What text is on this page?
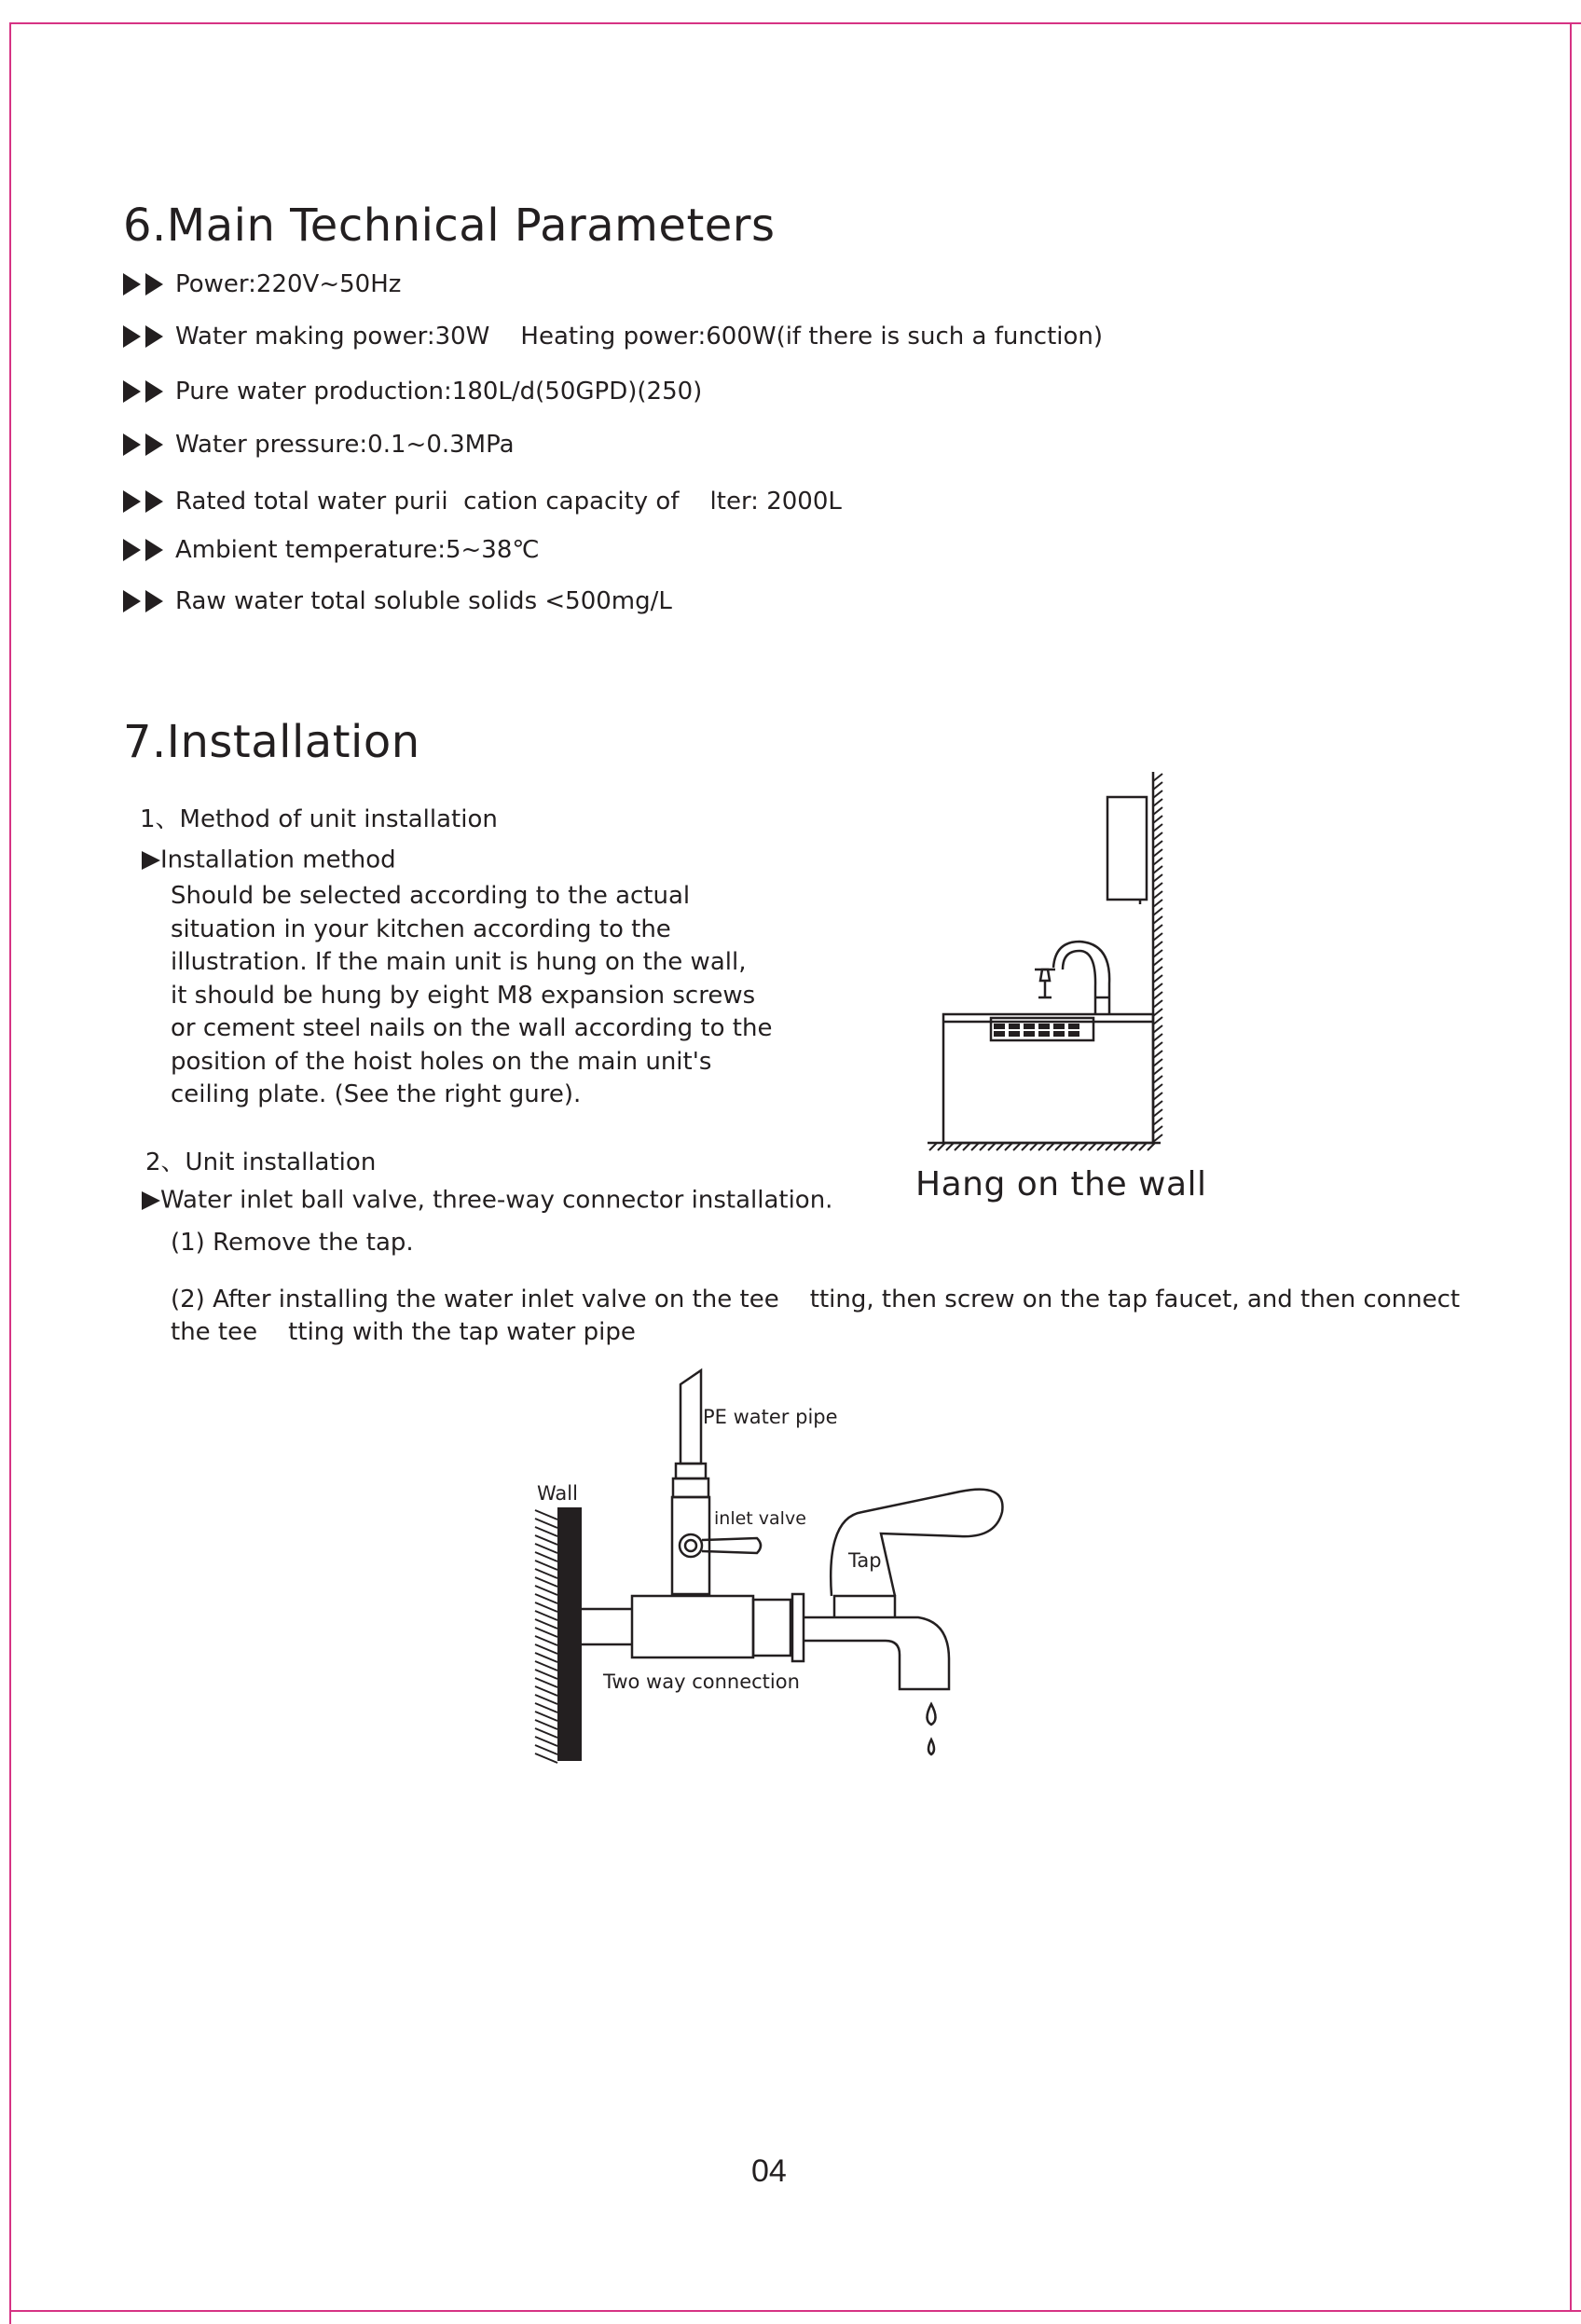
6.Main Technical Parameters
Power:220V~50Hz
Water making power:30W    Heating power:600W(if there is such a function)
Pure water production:180L/d(50GPD)(250)
Water pressure:0.1~0.3MPa
Rated total water purii  cation capacity of    lter: 2000L
Ambient temperature:5~38℃
Raw water total soluble solids <500mg/L
7.Installation
1、Method of unit installation
Installation method
Should be selected according to the actual
situation in your kitchen according to the
illustration. If the main unit is hung on the wall,
it should be hung by eight M8 expansion screws
or cement steel nails on the wall according to the
position of the hoist holes on the main unit's
ceiling plate. (See the right gure).
Hang on the wall
2、Unit installation
Water inlet ball valve, three-way connector installation.
(1) Remove the tap.
(2) After installing the water inlet valve on the tee    tting, then screw on the tap faucet, and then connect
the tee    tting with the tap water pipe
PE water pipe
Wall
inlet valve
Tap
Two way connection
04
